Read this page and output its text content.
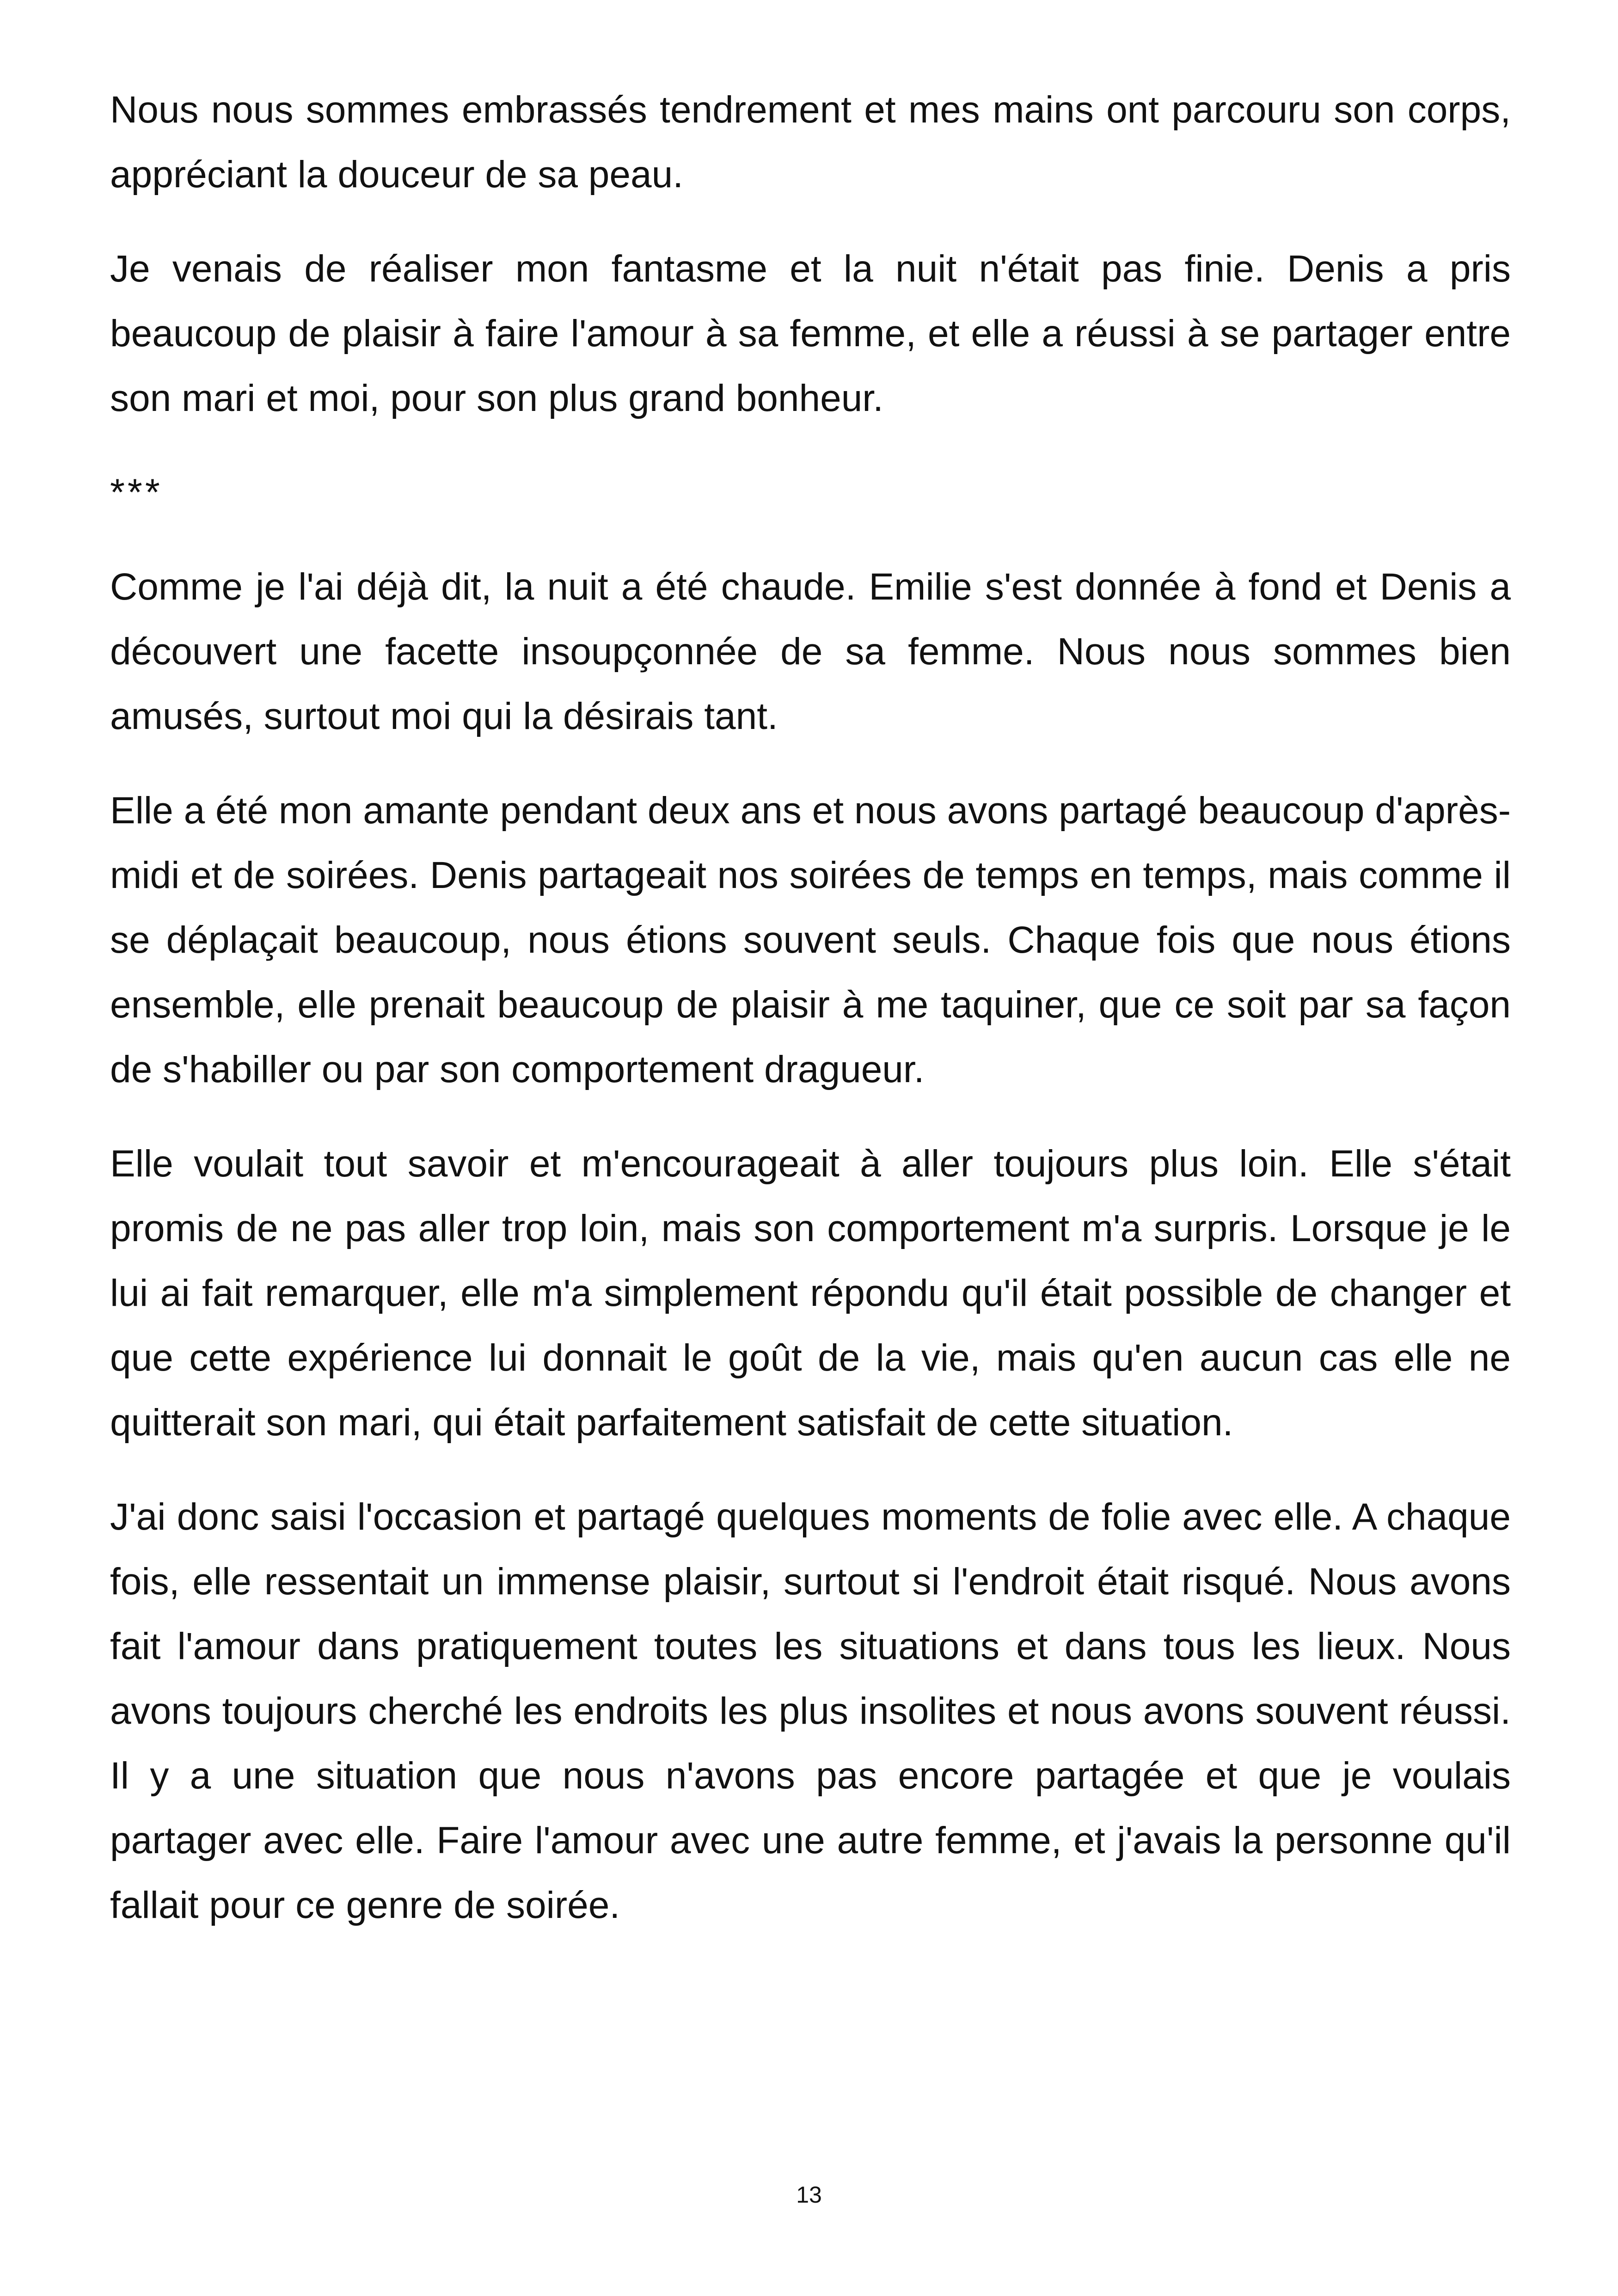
Nous nous sommes embrassés tendrement et mes mains ont parcouru son corps, appréciant la douceur de sa peau.

Je venais de réaliser mon fantasme et la nuit n'était pas finie. Denis a pris beaucoup de plaisir à faire l'amour à sa femme, et elle a réussi à se partager entre son mari et moi, pour son plus grand bonheur.

***

Comme je l'ai déjà dit, la nuit a été chaude. Emilie s'est donnée à fond et Denis a découvert une facette insoupçonnée de sa femme. Nous nous sommes bien amusés, surtout moi qui la désirais tant.

Elle a été mon amante pendant deux ans et nous avons partagé beaucoup d'après-midi et de soirées. Denis partageait nos soirées de temps en temps, mais comme il se déplaçait beaucoup, nous étions souvent seuls. Chaque fois que nous étions ensemble, elle prenait beaucoup de plaisir à me taquiner, que ce soit par sa façon de s'habiller ou par son comportement dragueur.

Elle voulait tout savoir et m'encourageait à aller toujours plus loin. Elle s'était promis de ne pas aller trop loin, mais son comportement m'a surpris. Lorsque je le lui ai fait remarquer, elle m'a simplement répondu qu'il était possible de changer et que cette expérience lui donnait le goût de la vie, mais qu'en aucun cas elle ne quitterait son mari, qui était parfaitement satisfait de cette situation.

J'ai donc saisi l'occasion et partagé quelques moments de folie avec elle. A chaque fois, elle ressentait un immense plaisir, surtout si l'endroit était risqué. Nous avons fait l'amour dans pratiquement toutes les situations et dans tous les lieux. Nous avons toujours cherché les endroits les plus insolites et nous avons souvent réussi. Il y a une situation que nous n'avons pas encore partagée et que je voulais partager avec elle. Faire l'amour avec une autre femme, et j'avais la personne qu'il fallait pour ce genre de soirée.

13
